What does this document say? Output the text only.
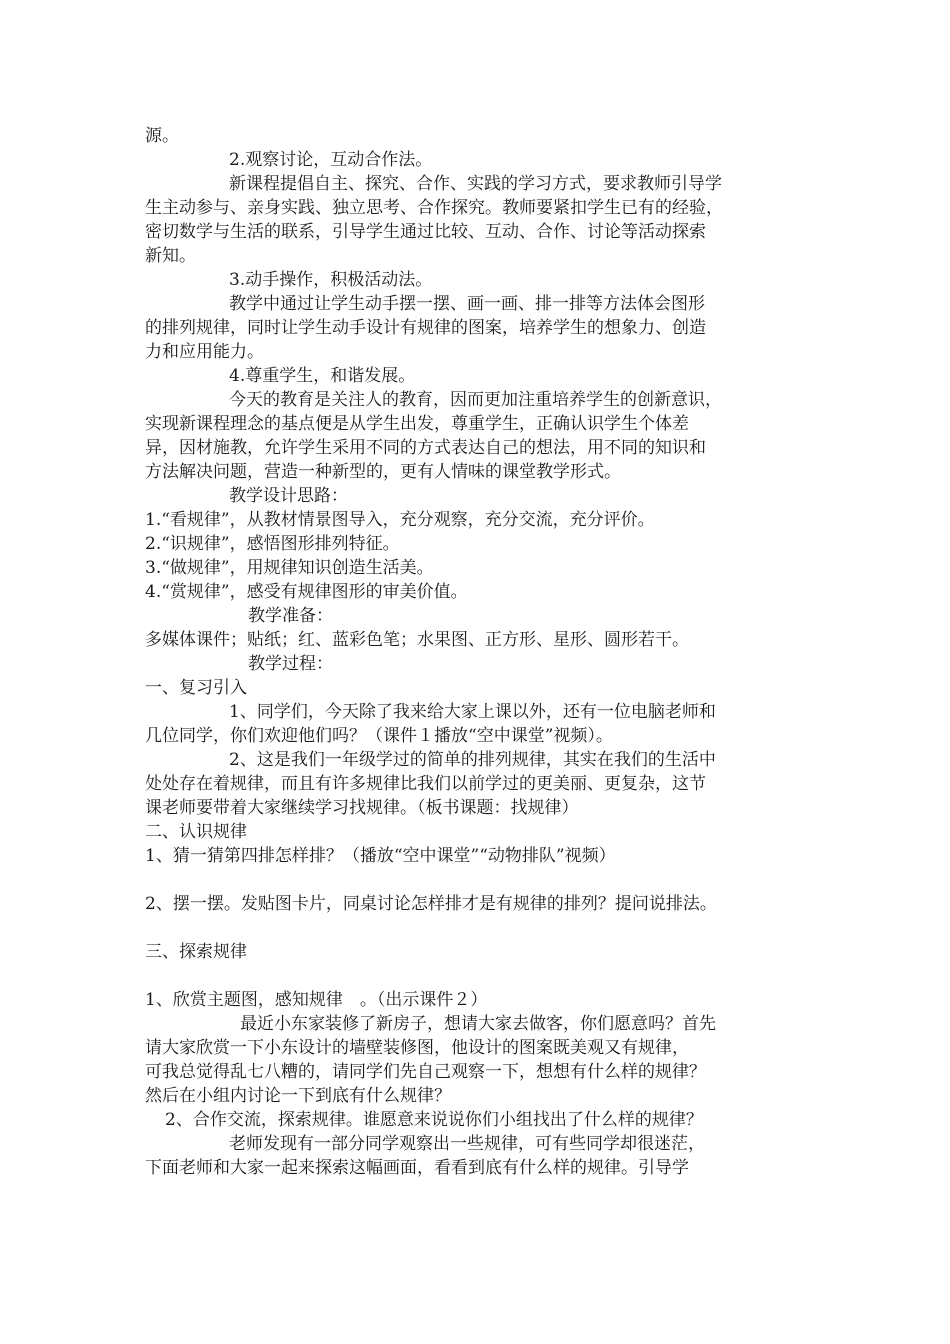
源。
2.观察讨论，互动合作法。
新课程提倡自主、探究、合作、实践的学习方式，要求教师引导学
生主动参与、亲身实践、独立思考、合作探究。教师要紧扣学生已有的经验，
密切数学与生活的联系，引导学生通过比较、互动、合作、讨论等活动探索
新知。
3.动手操作，积极活动法。
教学中通过让学生动手摆一摆、画一画、排一排等方法体会图形
的排列规律，同时让学生动手设计有规律的图案，培养学生的想象力、创造
力和应用能力。
4.尊重学生，和谐发展。
今天的教育是关注人的教育，因而更加注重培养学生的创新意识，
实现新课程理念的基点便是从学生出发，尊重学生，正确认识学生个体差
异，因材施教，允许学生采用不同的方式表达自己的想法，用不同的知识和
方法解决问题，营造一种新型的，更有人情味的课堂教学形式。
教学设计思路：
1.“看规律”，从教材情景图导入，充分观察，充分交流，充分评价。
2.“识规律”，感悟图形排列特征。
3.“做规律”，用规律知识创造生活美。
4.“赏规律”，感受有规律图形的审美价值。
教学准备：
多媒体课件；贴纸；红、蓝彩色笔；水果图、正方形、星形、圆形若干。
教学过程：
一、复习引入
1、同学们，今天除了我来给大家上课以外，还有一位电脑老师和
几位同学，你们欢迎他们吗？（课件１播放“空中课堂”视频）。
2、这是我们一年级学过的简单的排列规律，其实在我们的生活中
处处存在着规律，而且有许多规律比我们以前学过的更美丽、更复杂，这节
课老师要带着大家继续学习找规律。（板书课题：找规律）
二、认识规律
1、猜一猜第四排怎样排？（播放“空中课堂”“动物排队”视频）
2、摆一摆。发贴图卡片，同桌讨论怎样排才是有规律的排列？提问说排法。
三、探索规律
1、欣赏主题图，感知规律　。（出示课件２）
最近小东家装修了新房子，想请大家去做客，你们愿意吗？首先
请大家欣赏一下小东设计的墙壁装修图，他设计的图案既美观又有规律，
可我总觉得乱七八糟的，请同学们先自己观察一下，想想有什么样的规律？
然后在小组内讨论一下到底有什么规律？
2、合作交流，探索规律。谁愿意来说说你们小组找出了什么样的规律？
老师发现有一部分同学观察出一些规律，可有些同学却很迷茫，
下面老师和大家一起来探索这幅画面，看看到底有什么样的规律。引导学
